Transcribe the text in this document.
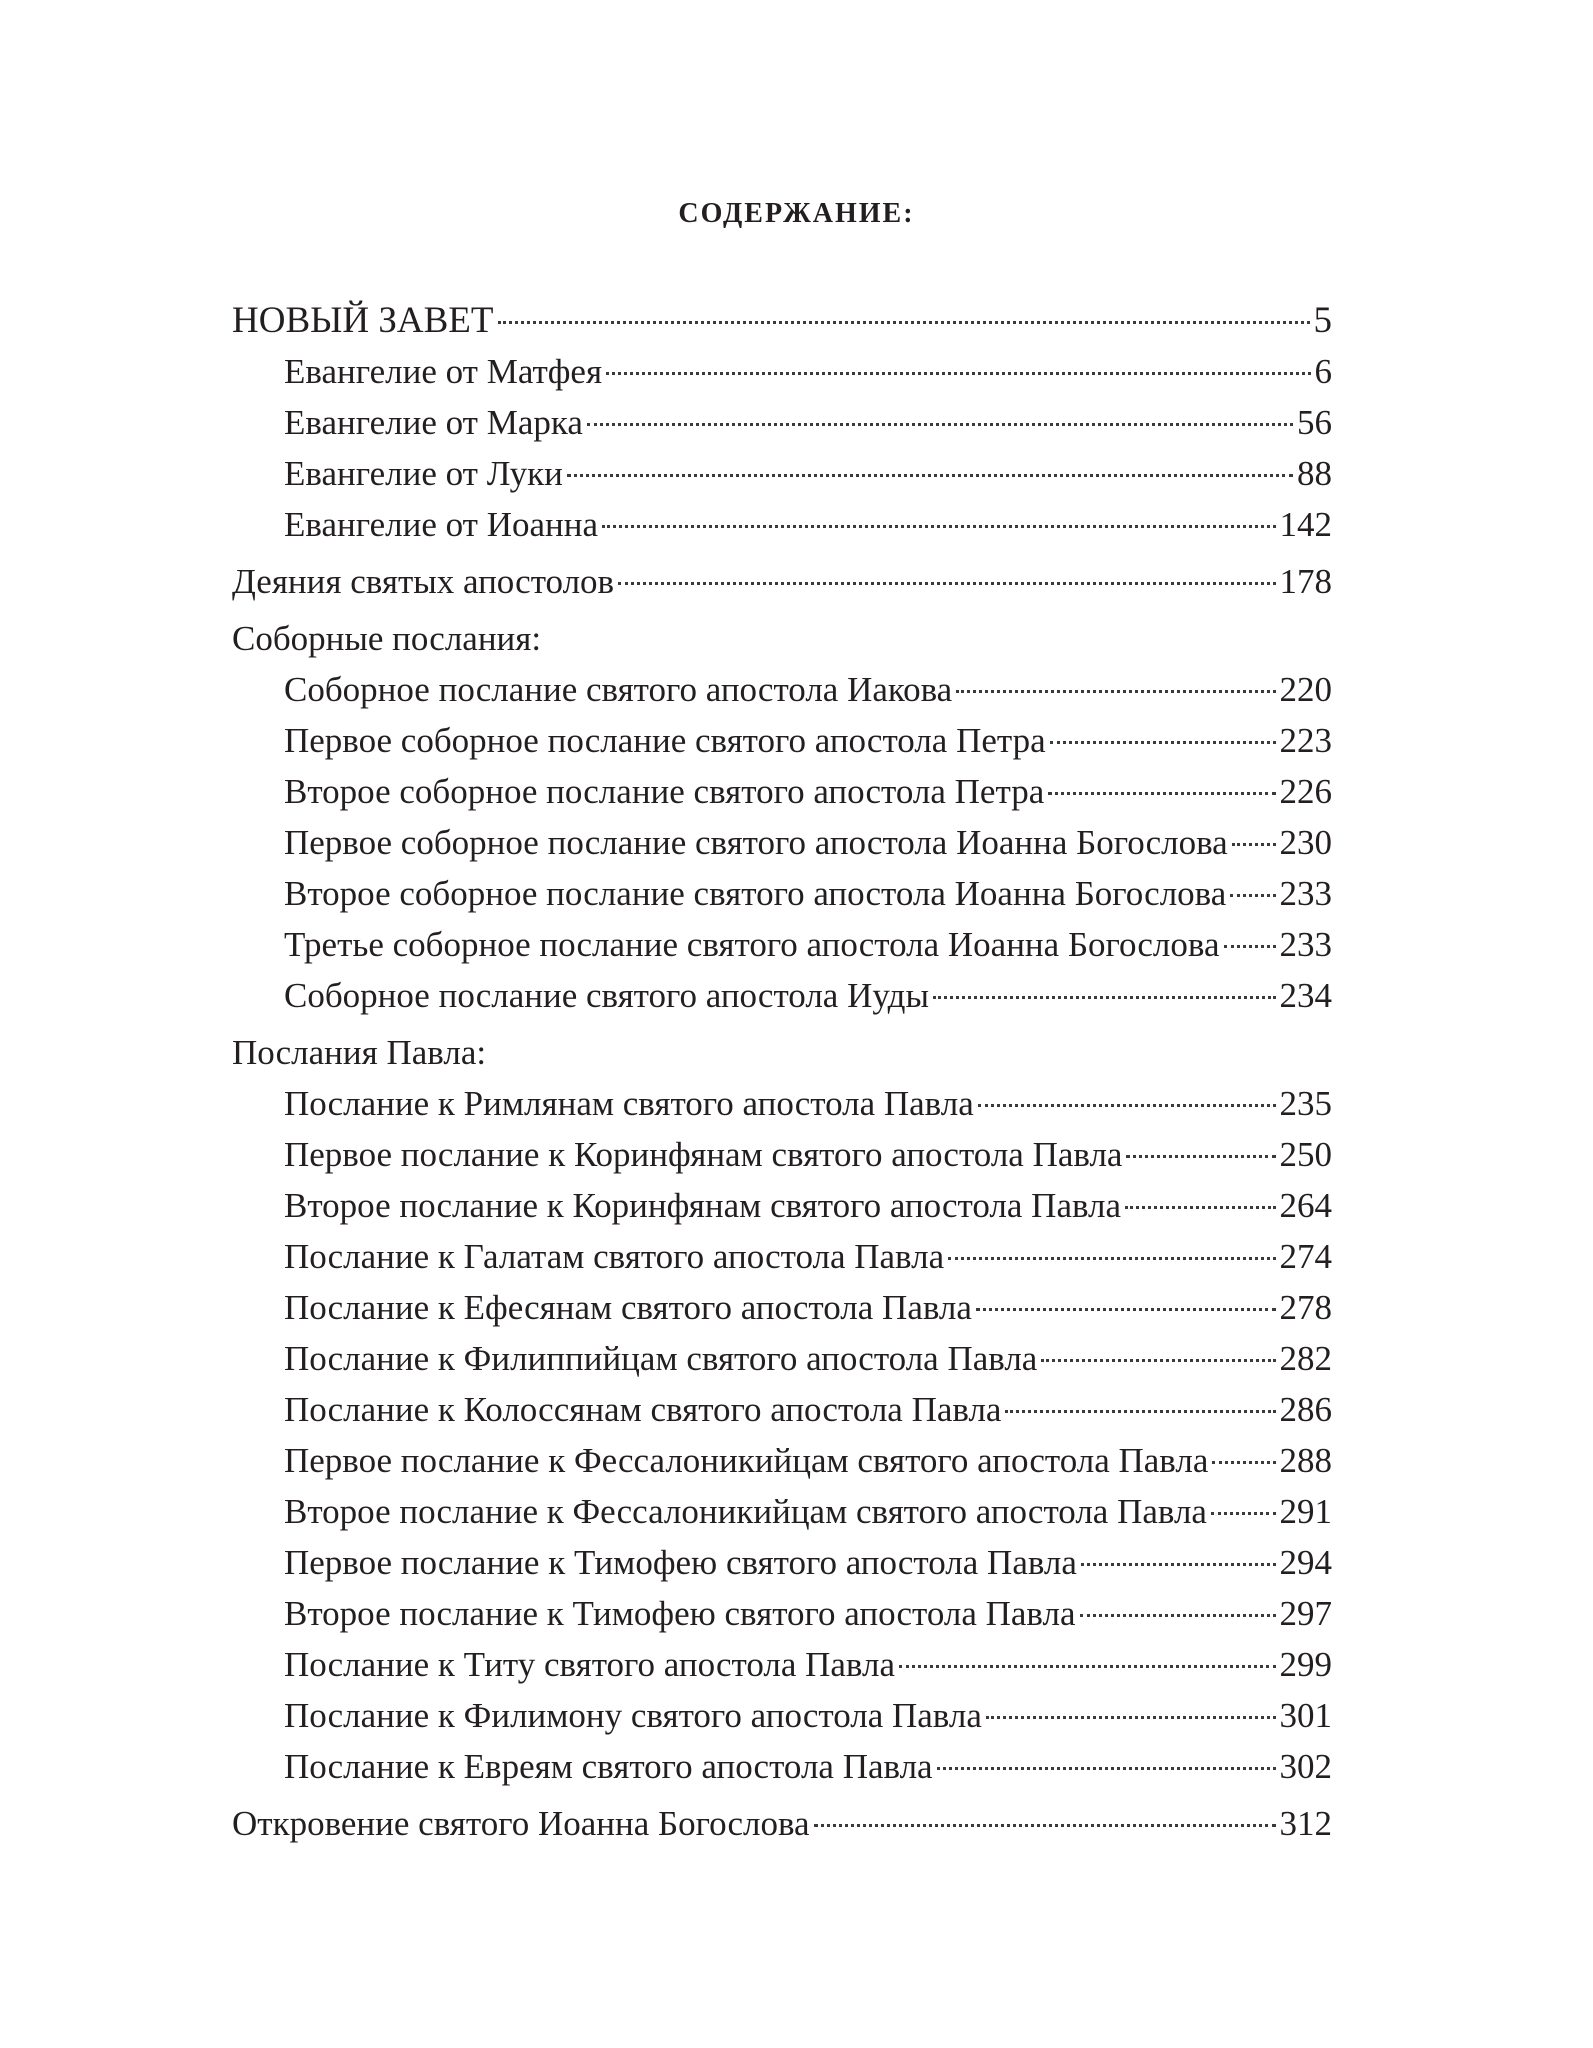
СОДЕРЖАНИЕ:
НОВЫЙ ЗАВЕТ	5
Евангелие от Матфея	6
Евангелие от Марка	56
Евангелие от Луки	88
Евангелие от Иоанна	142
Деяния святых апостолов	178
Соборные послания:
Соборное послание святого апостола Иакова	220
Первое соборное послание святого апостола Петра	223
Второе соборное послание святого апостола Петра	226
Первое соборное послание святого апостола Иоанна Богослова 230
Второе соборное послание святого апостола Иоанна Богослова 233
Третье соборное послание святого апостола Иоанна Богослова 233
Соборное послание святого апостола Иуды	234
Послания Павла:
Послание к Римлянам святого апостола Павла	235
Первое послание к Коринфянам святого апостола Павла	250
Второе послание к Коринфянам святого апостола Павла	264
Послание к Галатам святого апостола Павла	274
Послание к Ефесянам святого апостола Павла	278
Послание к Филиппийцам святого апостола Павла	282
Послание к Колоссянам святого апостола Павла	286
Первое послание к Фессалоникийцам святого апостола Павла 288
Второе послание к Фессалоникийцам святого апостола Павла 291
Первое послание к Тимофею святого апостола Павла	294
Второе послание к Тимофею святого апостола Павла	297
Послание к Титу святого апостола Павла	299
Послание к Филимону святого апостола Павла	301
Послание к Евреям святого апостола Павла	302
Откровение святого Иоанна Богослова	312
